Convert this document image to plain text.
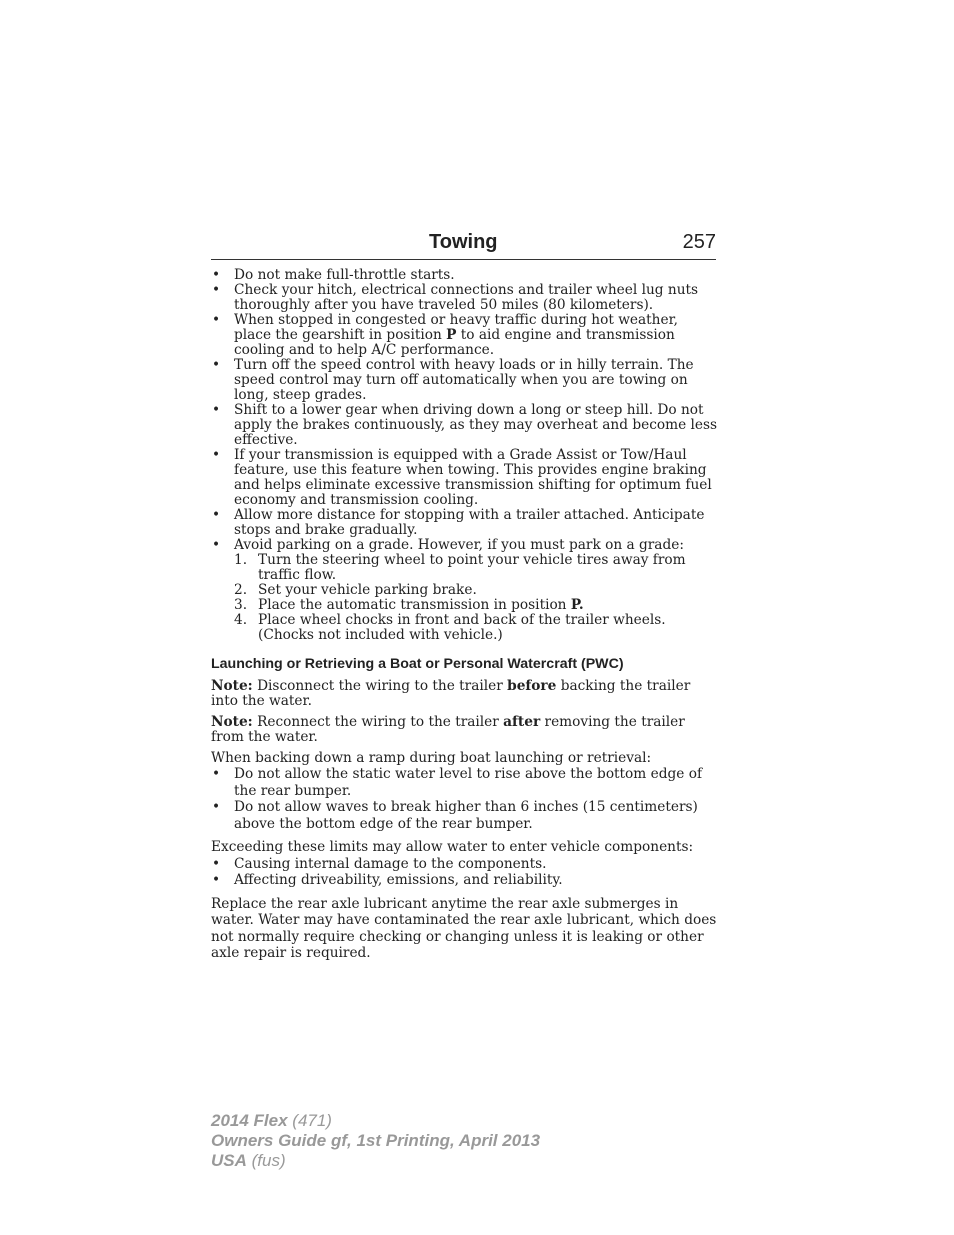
Towing	257
• Do not make full-throttle starts.
• Check your hitch, electrical connections and trailer wheel lug nuts thoroughly after you have traveled 50 miles (80 kilometers).
• When stopped in congested or heavy traffic during hot weather, place the gearshift in position P to aid engine and transmission cooling and to help A/C performance.
• Turn off the speed control with heavy loads or in hilly terrain. The speed control may turn off automatically when you are towing on long, steep grades.
• Shift to a lower gear when driving down a long or steep hill. Do not apply the brakes continuously, as they may overheat and become less effective.
• If your transmission is equipped with a Grade Assist or Tow/Haul feature, use this feature when towing. This provides engine braking and helps eliminate excessive transmission shifting for optimum fuel economy and transmission cooling.
• Allow more distance for stopping with a trailer attached. Anticipate stops and brake gradually.
• Avoid parking on a grade. However, if you must park on a grade:
1. Turn the steering wheel to point your vehicle tires away from traffic flow.
2. Set your vehicle parking brake.
3. Place the automatic transmission in position P.
4. Place wheel chocks in front and back of the trailer wheels. (Chocks not included with vehicle.)
Launching or Retrieving a Boat or Personal Watercraft (PWC)

Note: Disconnect the wiring to the trailer before backing the trailer into the water.

Note: Reconnect the wiring to the trailer after removing the trailer from the water.

When backing down a ramp during boat launching or retrieval:

• Do not allow the static water level to rise above the bottom edge of the rear bumper.
• Do not allow waves to break higher than 6 inches (15 centimeters) above the bottom edge of the rear bumper.

Exceeding these limits may allow water to enter vehicle components:

• Causing internal damage to the components.
• Affecting driveability, emissions, and reliability.

Replace the rear axle lubricant anytime the rear axle submerges in water. Water may have contaminated the rear axle lubricant, which does not normally require checking or changing unless it is leaking or other axle repair is required.

2014 Flex (471)
Owners Guide gf, 1st Printing, April 2013
USA (fus)
